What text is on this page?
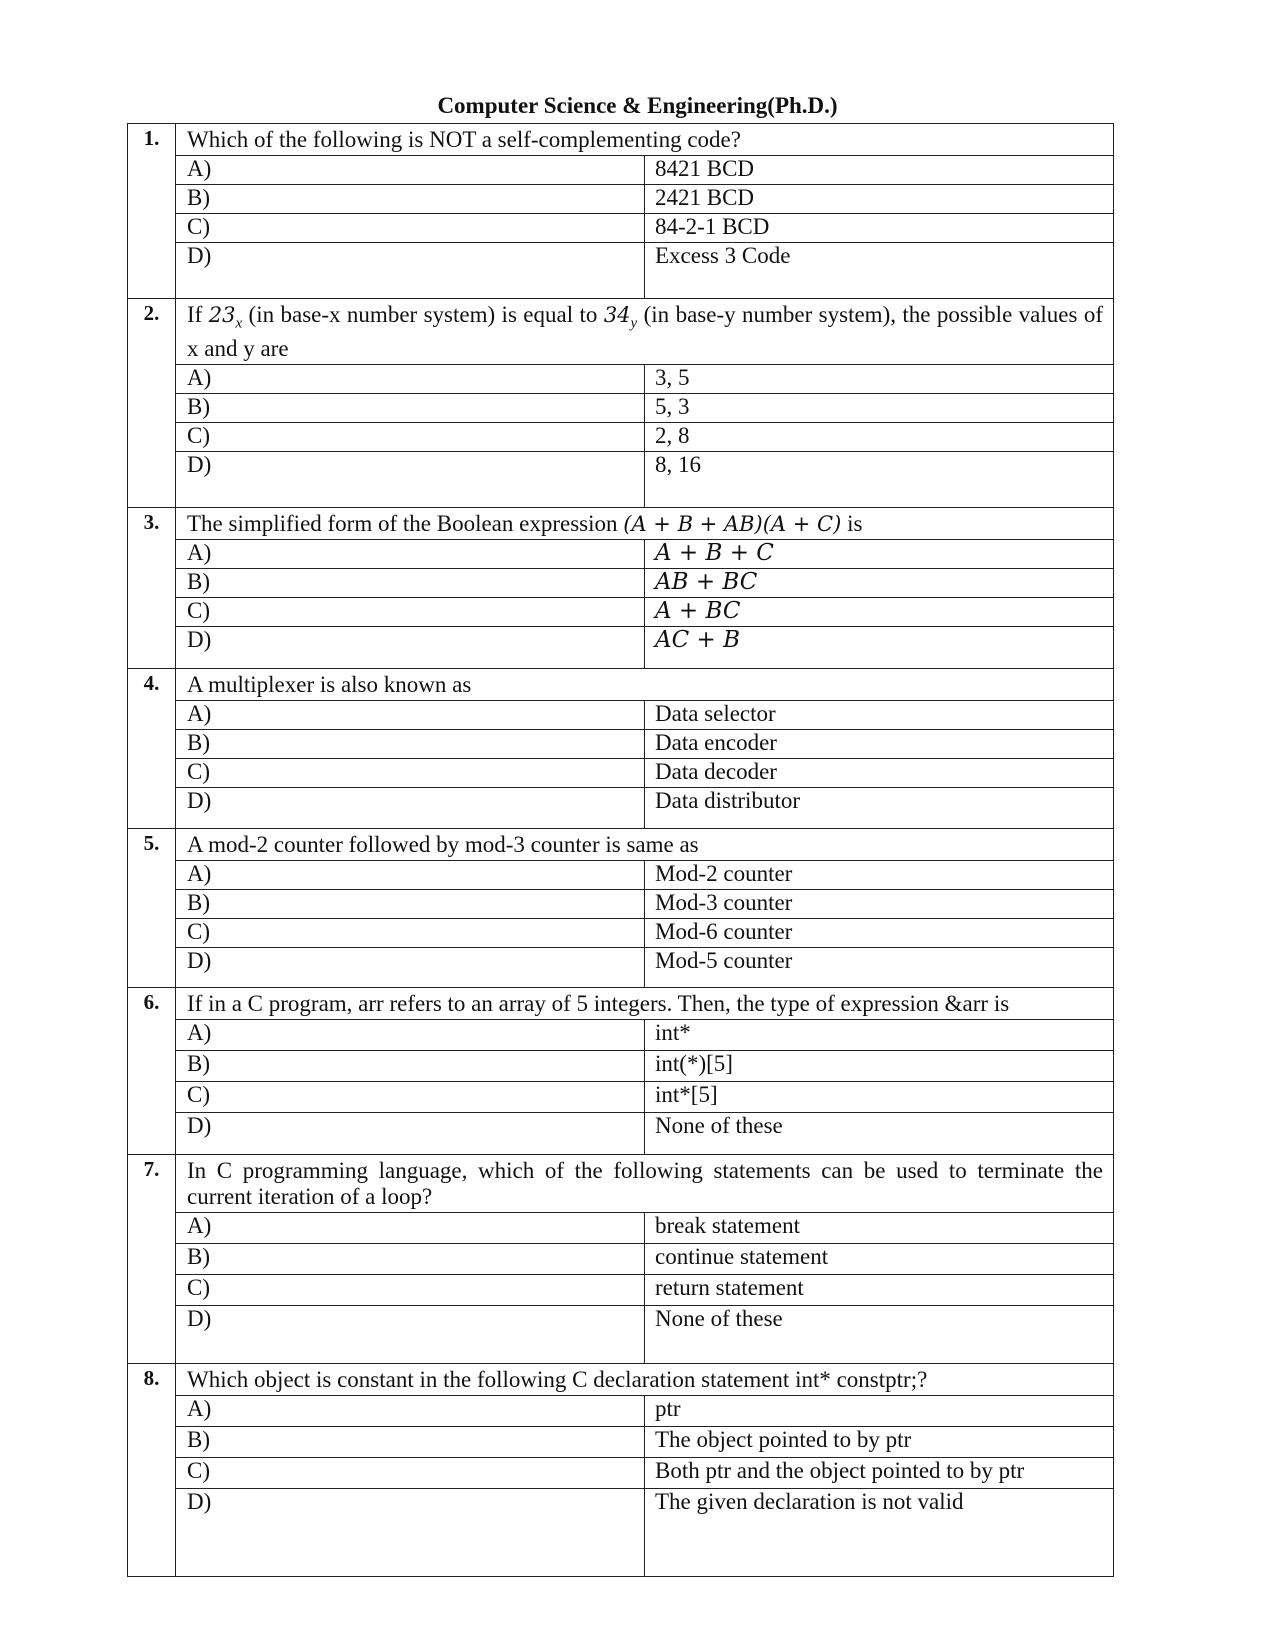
Computer Science & Engineering(Ph.D.)
1.	Which of the following is NOT a self-complementing code?
A)	8421 BCD
B)	2421 BCD
C)	84-2-1 BCD
D)	Excess 3 Code

2.	If $23_x$ (in base-x number system) is equal to $34_y$ (in base-y number system), the possible values of x and y are
A)	3, 5
B)	5, 3
C)	2, 8
D)	8, 16

3.	The simplified form of the Boolean expression (A + B + AB)(A + C) is
A)	A + B + C
B)	AB + BC
C)	A + BC
D)	AC + B

4.	A multiplexer is also known as
A)	Data selector
B)	Data encoder
C)	Data decoder
D)	Data distributor

5.	A mod-2 counter followed by mod-3 counter is same as
A)	Mod-2 counter
B)	Mod-3 counter
C)	Mod-6 counter
D)	Mod-5 counter

6.	If in a C program, arr refers to an array of 5 integers. Then, the type of expression &arr is
A)	int*
B)	int(*)[5]
C)	int*[5]
D)	None of these

7.	In C programming language, which of the following statements can be used to terminate the current iteration of a loop?
A)	break statement
B)	continue statement
C)	return statement
D)	None of these

8.	Which object is constant in the following C declaration statement int* constptr;?
A)	ptr
B)	The object pointed to by ptr
C)	Both ptr and the object pointed to by ptr
D)	The given declaration is not valid
